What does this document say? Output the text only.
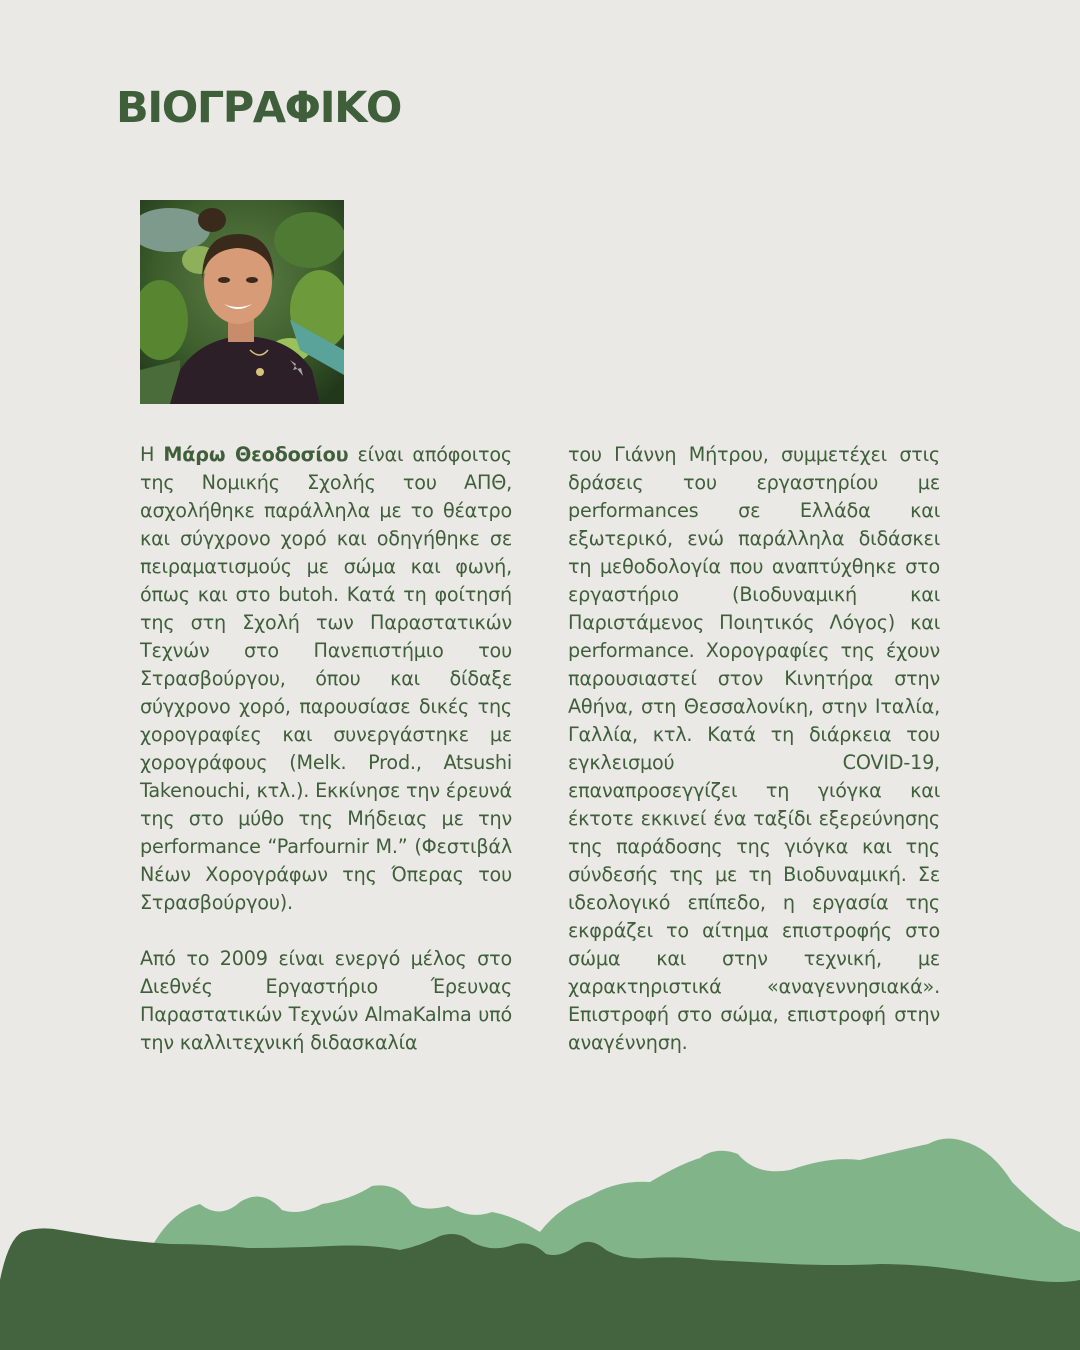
ΒΙΟΓΡΑΦΙΚΟ

Η Μάρω Θεοδοσίου είναι απόφοιτος της Νομικής Σχολής του ΑΠΘ, ασχολήθηκε παράλληλα με το θέατρο και σύγχρονο χορό και οδηγήθηκε σε πειραματισμούς με σώμα και φωνή, όπως και στο butoh. Κατά τη φοίτησή της στη Σχολή των Παραστατικών Τεχνών στο Πανεπιστήμιο του Στρασβούργου, όπου και δίδαξε σύγχρονο χορό, παρουσίασε δικές της χορογραφίες και συνεργάστηκε με χορογράφους (Melk. Prod., Atsushi Takenouchi, κτλ.). Εκκίνησε την έρευνά της στο μύθο της Μήδειας με την performance “Parfournir M.” (Φεστιβάλ Νέων Χορογράφων της Όπερας του Στρασβούργου).

Από το 2009 είναι ενεργό μέλος στο Διεθνές Εργαστήριο Έρευνας Παραστατικών Τεχνών AlmaKalma υπό την καλλιτεχνική διδασκαλία

του Γιάννη Μήτρου, συμμετέχει στις δράσεις του εργαστηρίου με performances σε Ελλάδα και εξωτερικό, ενώ παράλληλα διδάσκει τη μεθοδολογία που αναπτύχθηκε στο εργαστήριο (Βιοδυναμική και Παριστάμενος Ποιητικός Λόγος) και performance. Χορογραφίες της έχουν παρουσιαστεί στον Κινητήρα στην Αθήνα, στη Θεσσαλονίκη, στην Ιταλία, Γαλλία, κτλ. Κατά τη διάρκεια του εγκλεισμού COVID-19, επαναπροσεγγίζει τη γιόγκα και έκτοτε εκκινεί ένα ταξίδι εξερεύνησης της παράδοσης της γιόγκα και της σύνδεσής της με τη Βιοδυναμική. Σε ιδεολογικό επίπεδο, η εργασία της εκφράζει το αίτημα επιστροφής στο σώμα και στην τεχνική, με χαρακτηριστικά «αναγεννησιακά». Επιστροφή στο σώμα, επιστροφή στην αναγέννηση.
